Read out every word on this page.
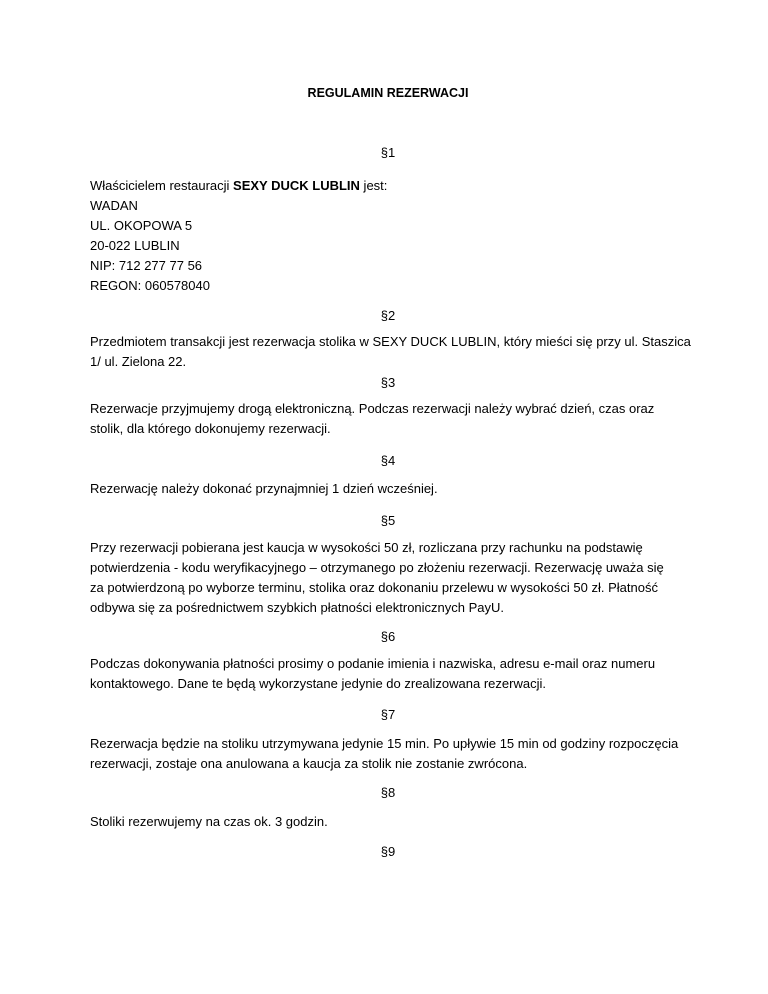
REGULAMIN REZERWACJI
§1
Właścicielem restauracji SEXY DUCK LUBLIN jest:
WADAN
UL. OKOPOWA 5
20-022 LUBLIN
NIP: 712 277 77 56
REGON: 060578040
§2
Przedmiotem transakcji jest rezerwacja stolika w SEXY DUCK LUBLIN, który mieści się przy ul. Staszica
1/ ul. Zielona 22.
§3
Rezerwacje przyjmujemy drogą elektroniczną. Podczas rezerwacji należy wybrać dzień, czas oraz
stolik, dla którego dokonujemy rezerwacji.
§4
Rezerwację należy dokonać przynajmniej 1 dzień wcześniej.
§5
Przy rezerwacji pobierana jest kaucja w wysokości 50 zł, rozliczana przy rachunku na podstawię
potwierdzenia - kodu weryfikacyjnego – otrzymanego po złożeniu rezerwacji. Rezerwację uważa się
za potwierdzoną po wyborze terminu, stolika oraz dokonaniu przelewu w wysokości 50 zł. Płatność
odbywa się za pośrednictwem szybkich płatności elektronicznych PayU.
§6
Podczas dokonywania płatności prosimy o podanie imienia i nazwiska, adresu e-mail oraz numeru
kontaktowego. Dane te będą wykorzystane jedynie do zrealizowana rezerwacji.
§7
Rezerwacja będzie na stoliku utrzymywana jedynie 15 min. Po upływie 15 min od godziny rozpoczęcia
rezerwacji, zostaje ona anulowana a kaucja za stolik nie zostanie zwrócona.
§8
Stoliki rezerwujemy na czas ok. 3 godzin.
§9
